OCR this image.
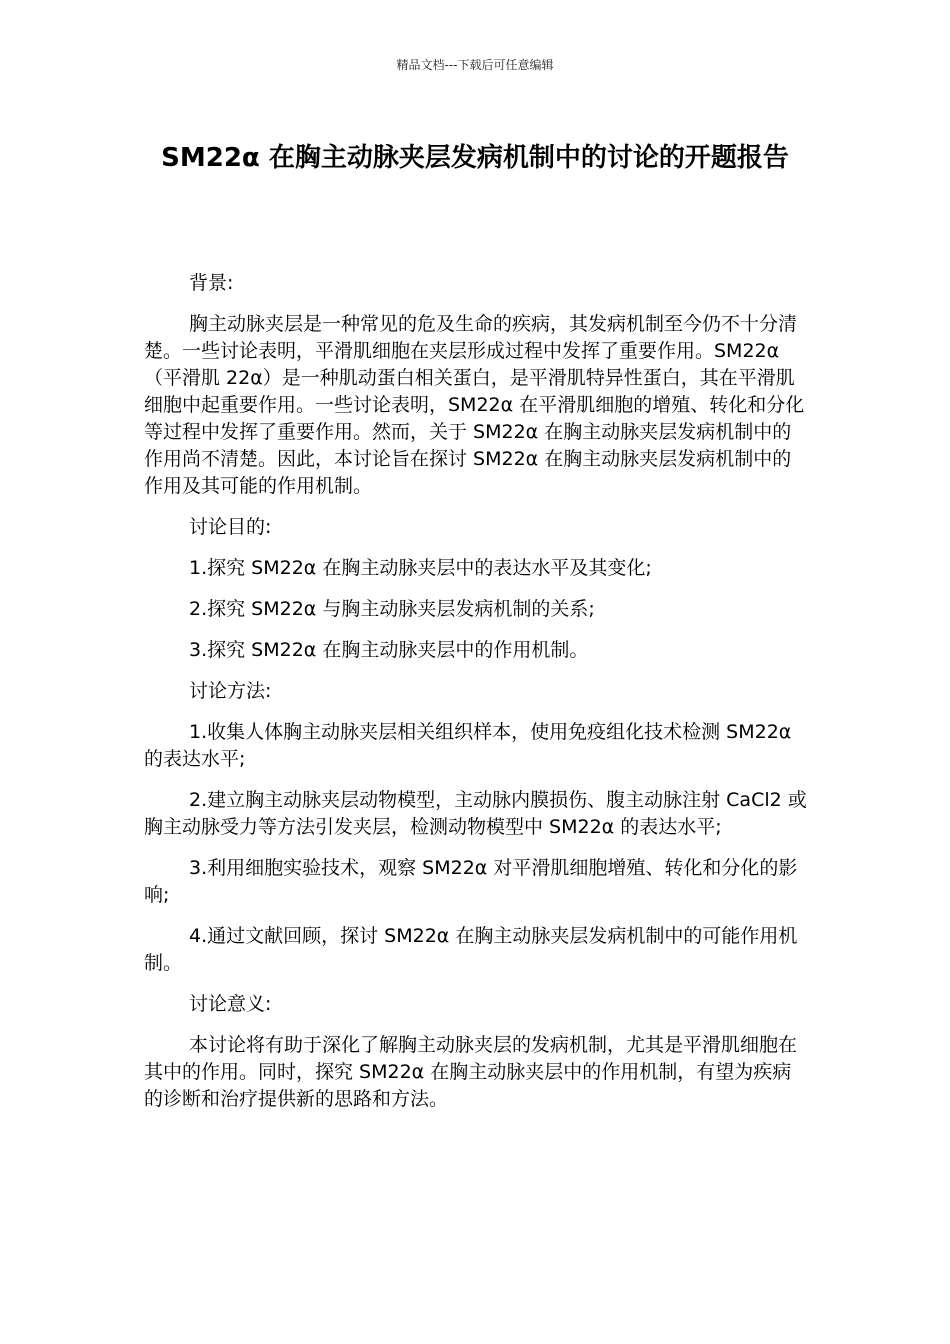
精品文档---下载后可任意编辑
SM22α 在胸主动脉夹层发病机制中的讨论的开题报告

背景:

胸主动脉夹层是一种常见的危及生命的疾病，其发病机制至今仍不十分清楚。一些讨论表明，平滑肌细胞在夹层形成过程中发挥了重要作用。SM22α（平滑肌 22α）是一种肌动蛋白相关蛋白，是平滑肌特异性蛋白，其在平滑肌细胞中起重要作用。一些讨论表明，SM22α 在平滑肌细胞的增殖、转化和分化等过程中发挥了重要作用。然而，关于 SM22α 在胸主动脉夹层发病机制中的作用尚不清楚。因此，本讨论旨在探讨 SM22α 在胸主动脉夹层发病机制中的作用及其可能的作用机制。

讨论目的:

1.探究 SM22α 在胸主动脉夹层中的表达水平及其变化;

2.探究 SM22α 与胸主动脉夹层发病机制的关系;

3.探究 SM22α 在胸主动脉夹层中的作用机制。

讨论方法:

1.收集人体胸主动脉夹层相关组织样本，使用免疫组化技术检测 SM22α 的表达水平;

2.建立胸主动脉夹层动物模型，主动脉内膜损伤、腹主动脉注射 CaCl2 或胸主动脉受力等方法引发夹层，检测动物模型中 SM22α 的表达水平;

3.利用细胞实验技术，观察 SM22α 对平滑肌细胞增殖、转化和分化的影响;

4.通过文献回顾，探讨 SM22α 在胸主动脉夹层发病机制中的可能作用机制。

讨论意义:

本讨论将有助于深化了解胸主动脉夹层的发病机制，尤其是平滑肌细胞在其中的作用。同时，探究 SM22α 在胸主动脉夹层中的作用机制，有望为疾病的诊断和治疗提供新的思路和方法。
